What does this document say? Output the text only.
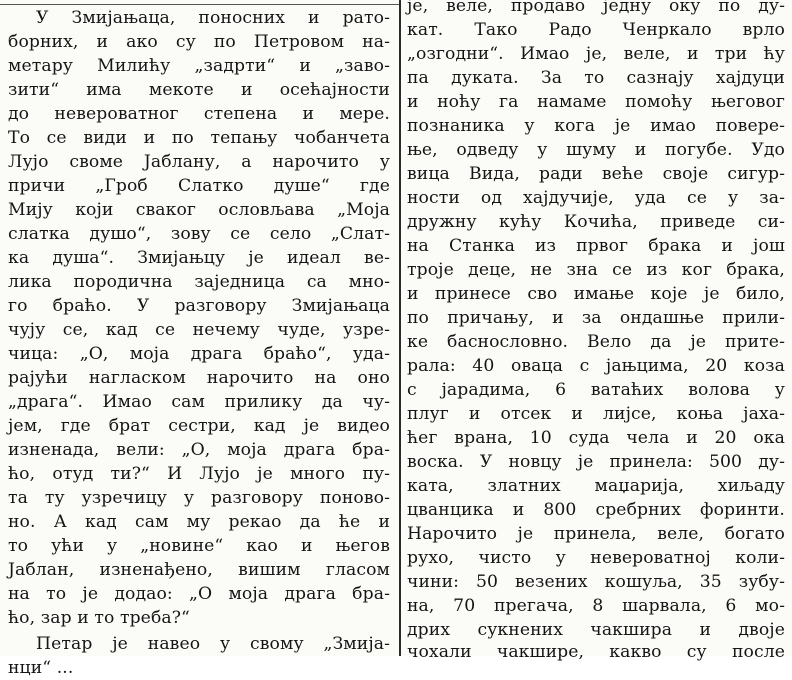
У Змијањаца, поносних и рато-
борних, и ако су по Петровом на-
метару Милићу „задрти“ и „заво-
зити“ има мекоте и осећајности
до невероватног степена и мере.
То се види и по тепању чобанчета
Лујо своме Јаблану, а нарочито у
причи „Гроб Слатко душе“ где
Мију који сваког ословљава „Моја
слатка душо“, зову се село „Слат-
ка душа“. Змијањцу је идеал ве-
лика породична заједница са мно-
го браћо. У разговору Змијањаца
чују се, кад се нечему чуде, узре-
чица: „О, моја драга браћо“, уда-
рајући нагласком нарочито на оно
„драга“. Имао сам прилику да чу-
јем, где брат сестри, кад је видео
изненада, вели: „О, моја драга бра-
ћо, отуд ти?“ И Лујо је много пу-
та ту узречицу у разговору поново-
но. А кад сам му рекао да ће и
то ући у „новине“ као и његов
Јаблан, изненађено, вишим гласом
на то је додао: „О моја драга бра-
ћо, зар и то треба?“
Петар је навео у свому „Змија-
нци“ ...
је, веле, продаво једну оку по ду-
кат. Тако Радо Ченркало врло
„озгодни“. Имао је, веле, и три ћу
па дуката. За то сазнају хајдуци
и ноћу га намаме помоћу његовог
познаника у кога је имао поверe-
ње, одведу у шуму и погубе. Удо
вица Вида, ради веће своје сигур-
ности од хајдучије, уда се у за-
дружну кућу Кочића, приведе си-
на Станка из првог брака и још
троје деце, не зна се из ког брака,
и принесе сво имање које је било,
по причању, и за ондашње прили-
ке баснословно. Вело да је прите-
рала: 40 оваца с јањцима, 20 коза
с јарадима, 6 ватаћих волова у
плуг и отсек и лијсе, коња јаха-
ћег врана, 10 суда чела и 20 ока
воска. У новцу је принела: 500 ду-
ката, златних маџарија, хиљаду
цванцика и 800 сребрних форинти.
Нарочито је принела, веле, богато
рухо, чисто у невероватној коли-
чини: 50 везених кошуља, 35 зубу-
на, 70 прегача, 8 шарвала, 6 мо-
дрих сукнених чакшира и двоје
чохали чакшире, какво су после
